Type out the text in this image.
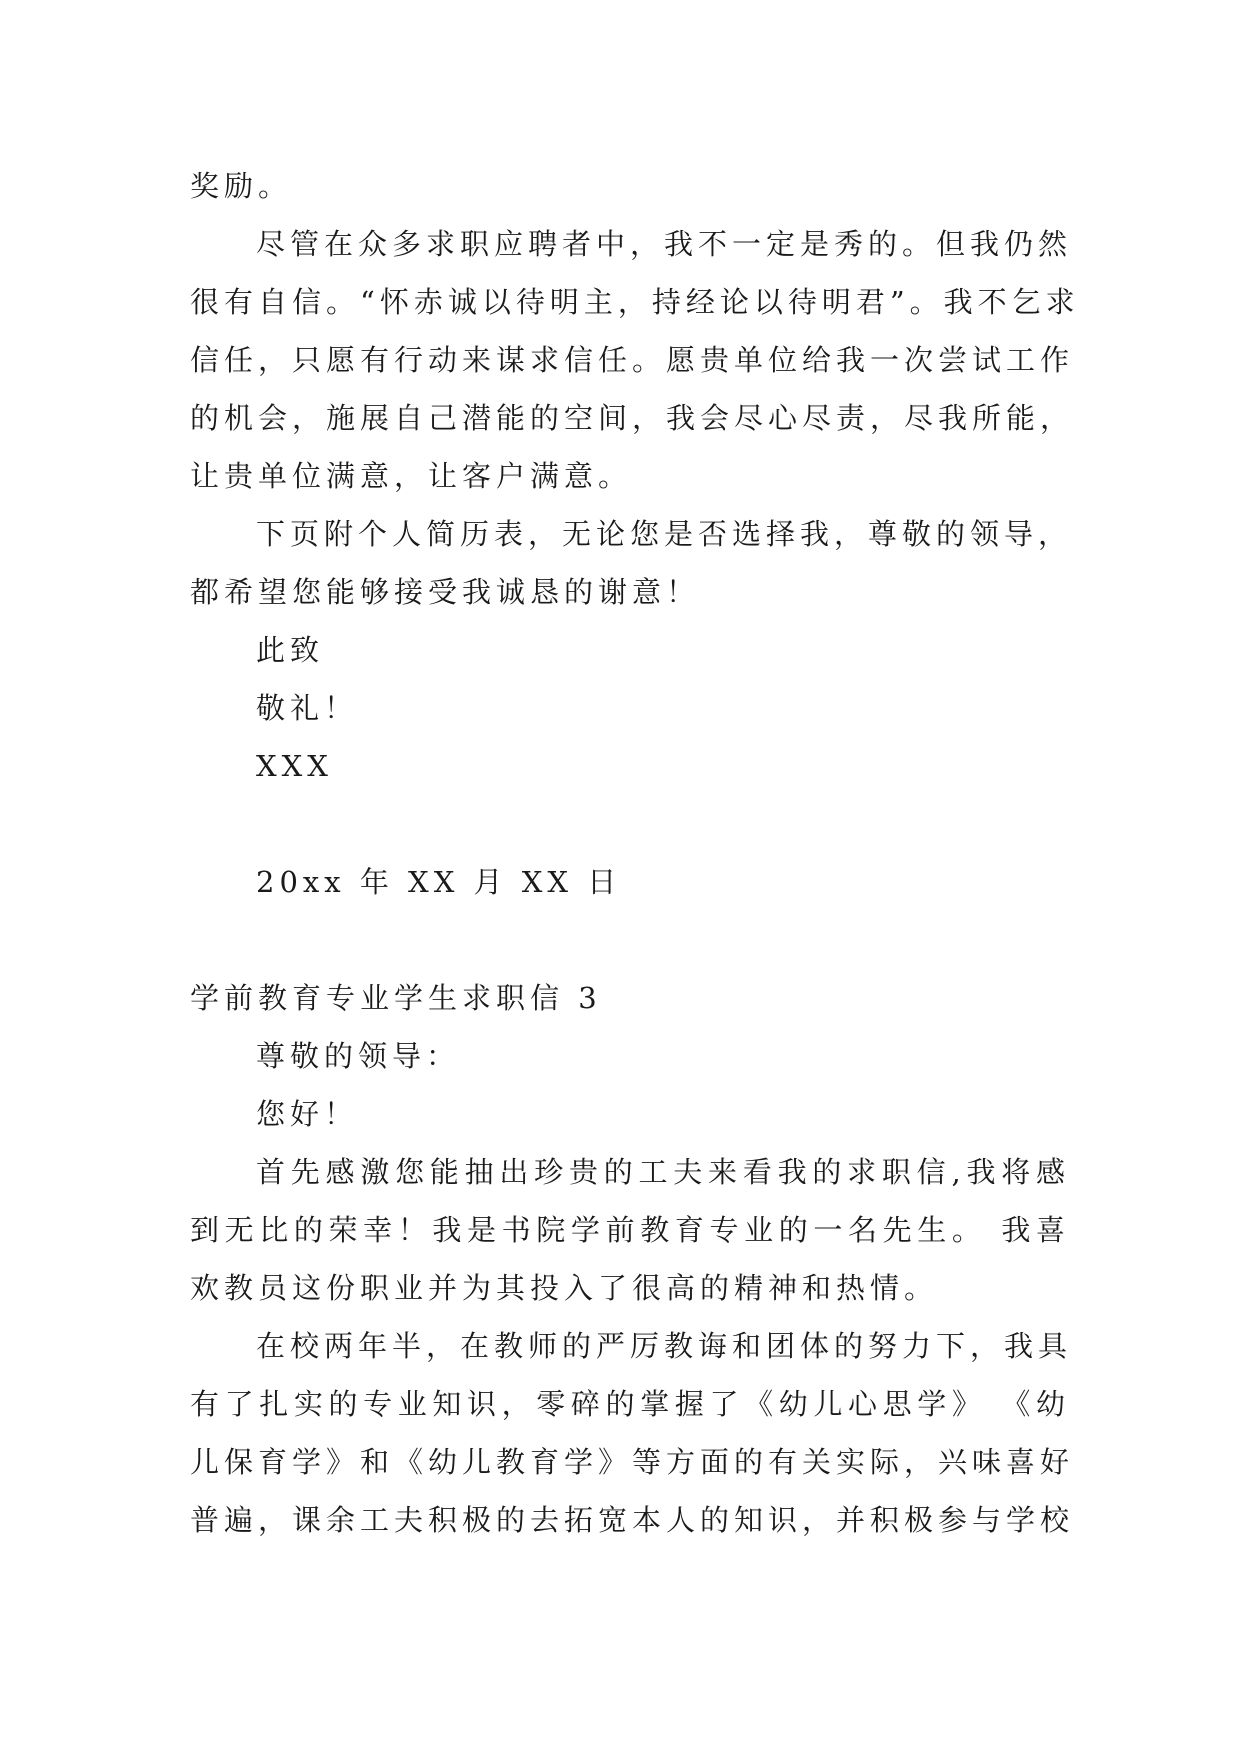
奖励。
尽管在众多求职应聘者中，我不一定是秀的。但我仍然
很有自信。“怀赤诚以待明主，持经论以待明君”。我不乞求
信任，只愿有行动来谋求信任。愿贵单位给我一次尝试工作
的机会，施展自己潜能的空间，我会尽心尽责，尽我所能，
让贵单位满意，让客户满意。
下页附个人简历表，无论您是否选择我，尊敬的领导，
都希望您能够接受我诚恳的谢意！
此致
敬礼！
XXX
20xx 年 XX 月 XX 日
学前教育专业学生求职信 3
尊敬的领导：
您好！
首先感激您能抽出珍贵的工夫来看我的求职信,我将感
到无比的荣幸！我是书院学前教育专业的一名先生。 我喜
欢教员这份职业并为其投入了很高的精神和热情。
在校两年半，在教师的严厉教诲和团体的努力下，我具
有了扎实的专业知识，零碎的掌握了《幼儿心思学》 《幼
儿保育学》和《幼儿教育学》等方面的有关实际，兴味喜好
普遍，课余工夫积极的去拓宽本人的知识，并积极参与学校
